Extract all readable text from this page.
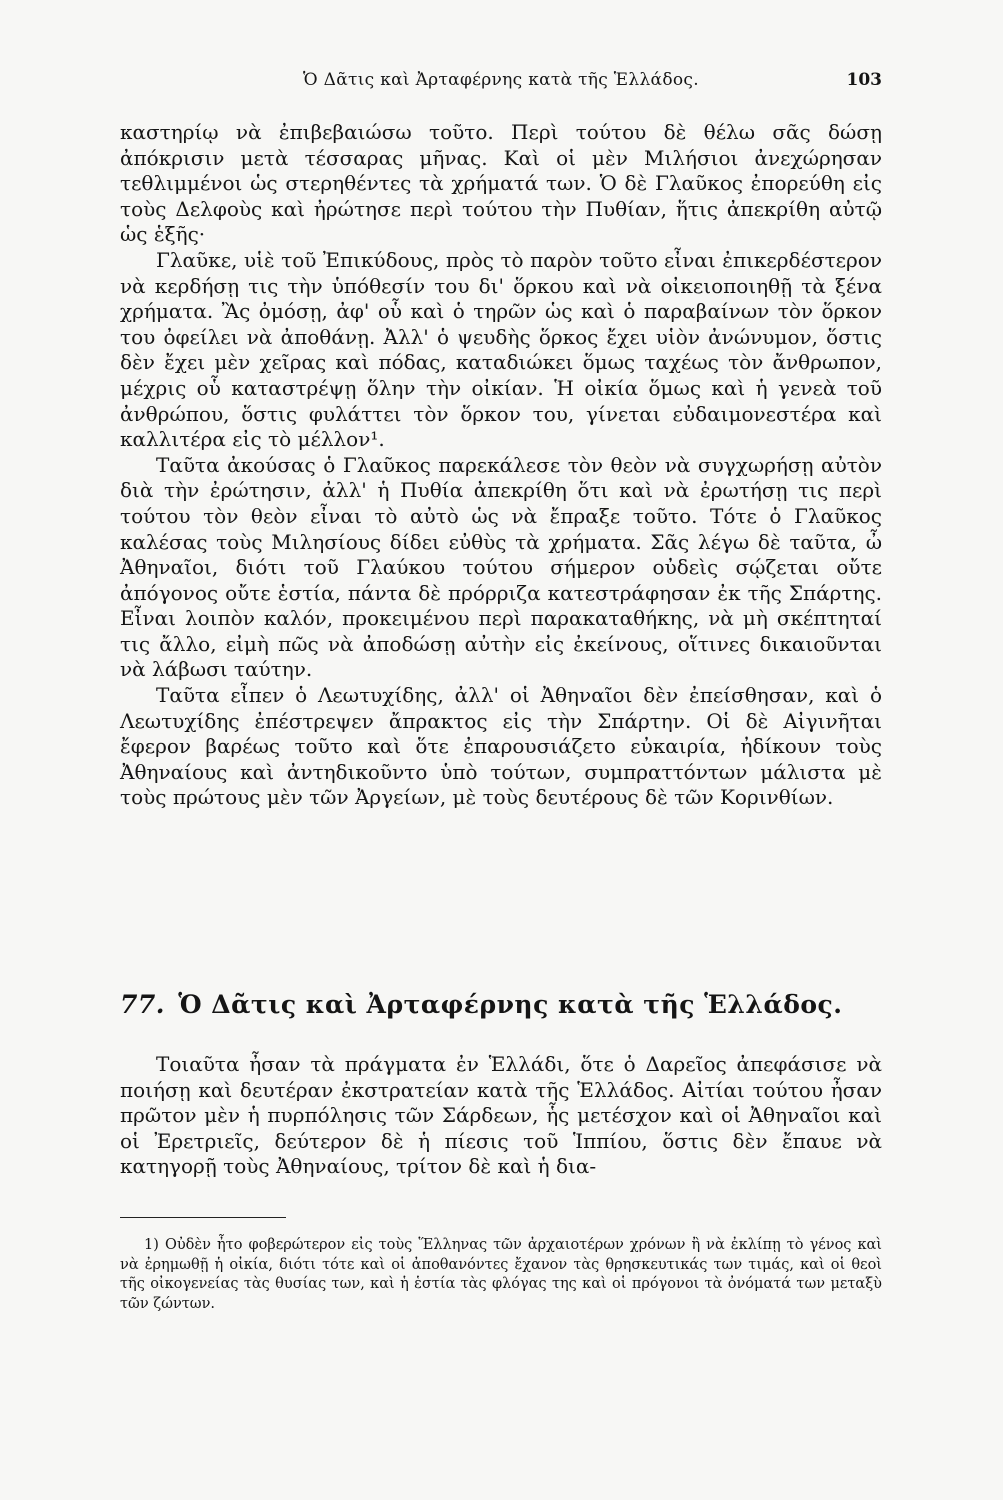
Ὁ Δᾶτις καὶ Ἀρταφέρνης κατὰ τῆς Ἑλλάδος.	103

καστηρίῳ νὰ ἐπιβεβαιώσω τοῦτο. Περὶ τούτου δὲ θέλω σᾶς δώσῃ ἀπόκρισιν μετὰ τέσσαρας μῆνας. Καὶ οἱ μὲν Μιλήσιοι ἀνεχώρησαν τεθλιμμένοι ὡς στερηθέντες τὰ χρήματά των. Ὁ δὲ Γλαῦκος ἐπορεύθη εἰς τοὺς Δελφοὺς καὶ ἠρώτησε περὶ τούτου τὴν Πυθίαν, ἥτις ἀπεκρίθη αὐτῷ ὡς ἑξῆς·

Γλαῦκε, υἱὲ τοῦ Ἐπικύδους, πρὸς τὸ παρὸν τοῦτο εἶναι ἐπικερδέστερον νὰ κερδήσῃ τις τὴν ὑπόθεσίν του δι' ὅρκου καὶ νὰ οἰκειοποιηθῇ τὰ ξένα χρήματα. Ἂς ὀμόσῃ, ἀφ' οὗ καὶ ὁ τηρῶν ὡς καὶ ὁ παραβαίνων τὸν ὅρκον του ὀφείλει νὰ ἀποθάνῃ. Ἀλλ' ὁ ψευδὴς ὅρκος ἔχει υἱὸν ἀνώνυμον, ὅστις δὲν ἔχει μὲν χεῖρας καὶ πόδας, καταδιώκει ὅμως ταχέως τὸν ἄνθρωπον, μέχρις οὗ καταστρέψῃ ὅλην τὴν οἰκίαν. Ἡ οἰκία ὅμως καὶ ἡ γενεὰ τοῦ ἀνθρώπου, ὅστις φυλάττει τὸν ὅρκον του, γίνεται εὐδαιμονεστέρα καὶ καλλιτέρα εἰς τὸ μέλλον¹.

Ταῦτα ἀκούσας ὁ Γλαῦκος παρεκάλεσε τὸν θεὸν νὰ συγχωρήσῃ αὐτὸν διὰ τὴν ἐρώτησιν, ἀλλ' ἡ Πυθία ἀπεκρίθη ὅτι καὶ νὰ ἐρωτήσῃ τις περὶ τούτου τὸν θεὸν εἶναι τὸ αὐτὸ ὡς νὰ ἔπραξε τοῦτο. Τότε ὁ Γλαῦκος καλέσας τοὺς Μιλησίους δίδει εὐθὺς τὰ χρήματα. Σᾶς λέγω δὲ ταῦτα, ὦ Ἀθηναῖοι, διότι τοῦ Γλαύκου τούτου σήμερον οὐδεὶς σῴζεται οὔτε ἀπόγονος οὔτε ἑστία, πάντα δὲ πρόρριζα κατεστράφησαν ἐκ τῆς Σπάρτης. Εἶναι λοιπὸν καλόν, προκειμένου περὶ παρακαταθήκης, νὰ μὴ σκέπτηταί τις ἄλλο, εἰμὴ πῶς νὰ ἀποδώσῃ αὐτὴν εἰς ἐκείνους, οἵτινες δικαιοῦνται νὰ λάβωσι ταύτην.

Ταῦτα εἶπεν ὁ Λεωτυχίδης, ἀλλ' οἱ Ἀθηναῖοι δὲν ἐπείσθησαν, καὶ ὁ Λεωτυχίδης ἐπέστρεψεν ἄπρακτος εἰς τὴν Σπάρτην. Οἱ δὲ Αἰγινῆται ἔφερον βαρέως τοῦτο καὶ ὅτε ἐπαρουσιάζετο εὐκαιρία, ἠδίκουν τοὺς Ἀθηναίους καὶ ἀντηδικοῦντο ὑπὸ τούτων, συμπραττόντων μάλιστα μὲ τοὺς πρώτους μὲν τῶν Ἀργείων, μὲ τοὺς δευτέρους δὲ τῶν Κορινθίων.

77. Ὁ Δᾶτις καὶ Ἀρταφέρνης κατὰ τῆς Ἑλλάδος.
Τοιαῦτα ἦσαν τὰ πράγματα ἐν Ἑλλάδι, ὅτε ὁ Δαρεῖος ἀπεφάσισε νὰ ποιήσῃ καὶ δευτέραν ἐκστρατείαν κατὰ τῆς Ἑλλάδος. Αἰτίαι τούτου ἦσαν πρῶτον μὲν ἡ πυρπόλησις τῶν Σάρδεων, ἧς μετέσχον καὶ οἱ Ἀθηναῖοι καὶ οἱ Ἐρετριεῖς, δεύτερον δὲ ἡ πίεσις τοῦ Ἱππίου, ὅστις δὲν ἔπαυε νὰ κατηγορῇ τοὺς Ἀθηναίους, τρίτον δὲ καὶ ἡ δια-
1) Οὐδὲν ἦτο φοβερώτερον εἰς τοὺς Ἕλληνας τῶν ἀρχαιοτέρων χρόνων ἢ νὰ ἐκλίπῃ τὸ γένος καὶ νὰ ἐρημωθῇ ἡ οἰκία, διότι τότε καὶ οἱ ἀποθανόντες ἔχανον τὰς θρησκευτικάς των τιμάς, καὶ οἱ θεοὶ τῆς οἰκογενείας τὰς θυσίας των, καὶ ἡ ἑστία τὰς φλόγας της καὶ οἱ πρόγονοι τὰ ὀνόματά των μεταξὺ τῶν ζώντων.
